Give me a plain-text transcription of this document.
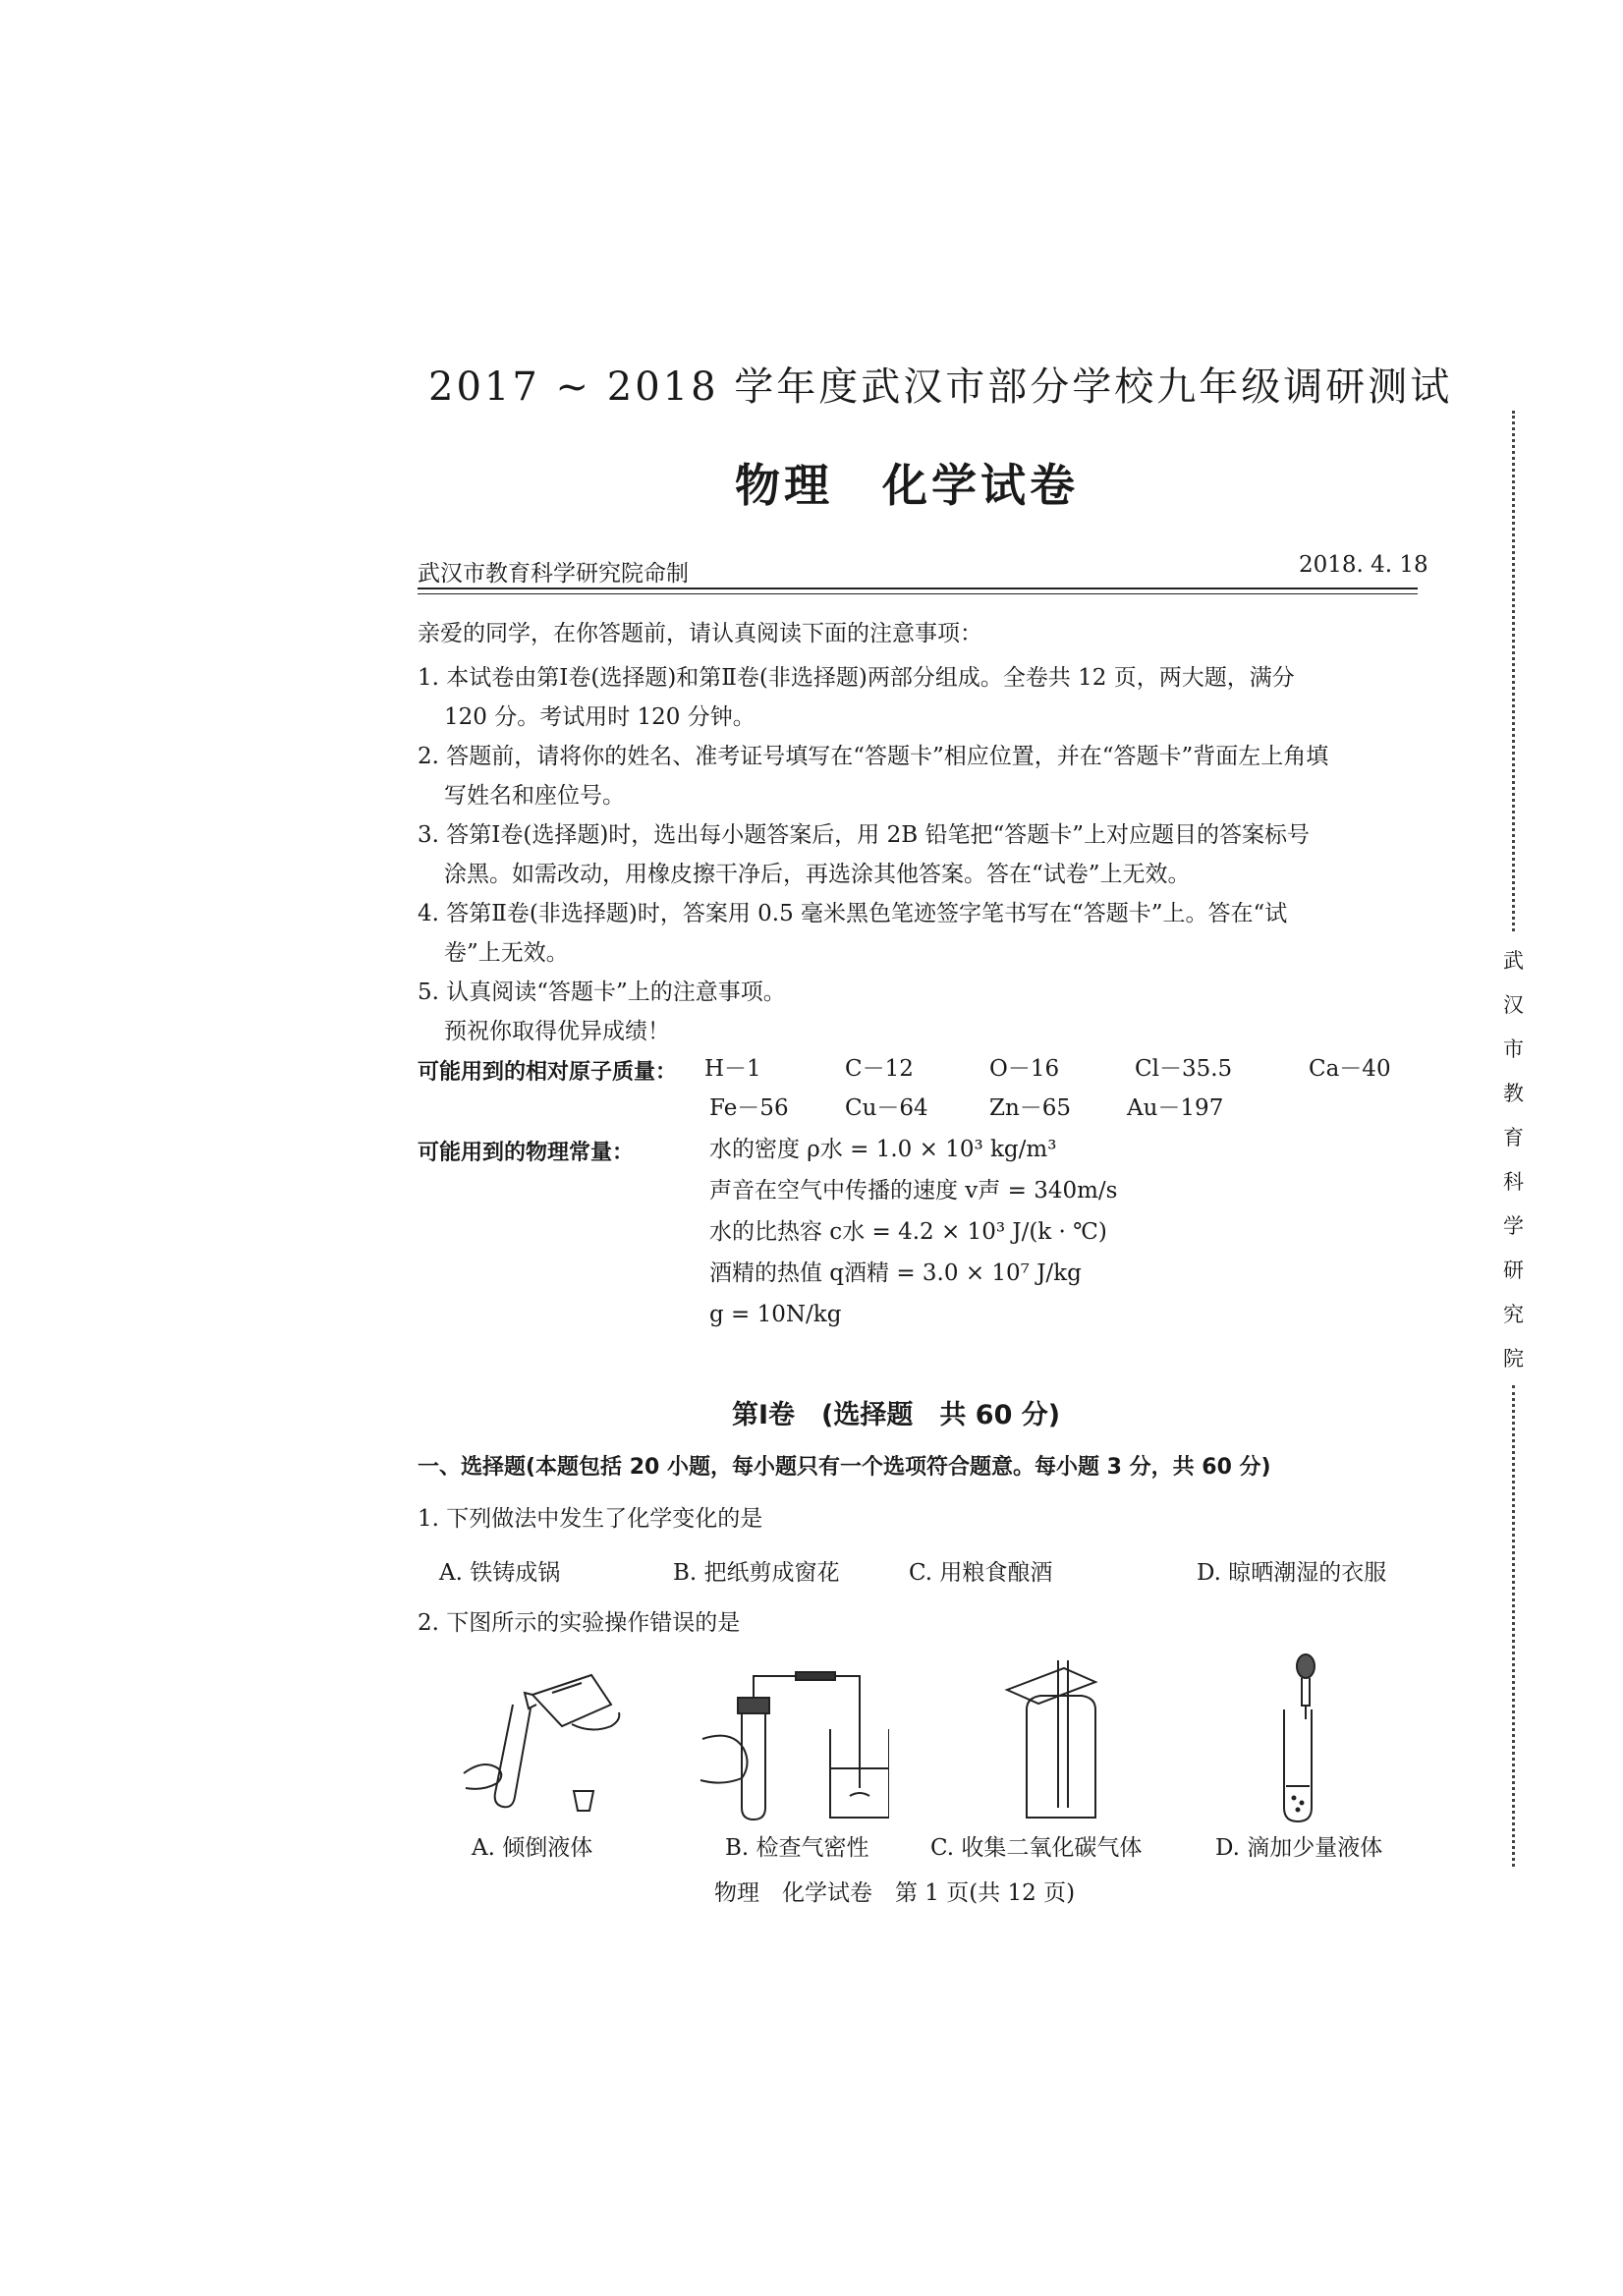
2017 ~ 2018 学年度武汉市部分学校九年级调研测试
物理　化学试卷
武汉市教育科学研究院命制	2018. 4. 18
亲爱的同学，在你答题前，请认真阅读下面的注意事项：
1. 本试卷由第Ⅰ卷(选择题)和第Ⅱ卷(非选择题)两部分组成。全卷共 12 页，两大题，满分
120 分。考试用时 120 分钟。
2. 答题前，请将你的姓名、准考证号填写在“答题卡”相应位置，并在“答题卡”背面左上角填
写姓名和座位号。
3. 答第Ⅰ卷(选择题)时，选出每小题答案后，用 2B 铅笔把“答题卡”上对应题目的答案标号
涂黑。如需改动，用橡皮擦干净后，再选涂其他答案。答在“试卷”上无效。
4. 答第Ⅱ卷(非选择题)时，答案用 0.5 毫米黑色笔迹签字笔书写在“答题卡”上。答在“试
卷”上无效。
5. 认真阅读“答题卡”上的注意事项。
预祝你取得优异成绩！
可能用到的相对原子质量： H－1	C－12	O－16	Cl－35.5	Ca－40
Fe－56 Cu－64	Zn－65 Au－197
可能用到的物理常量：	水的密度 ρ水 = 1.0 × 10³ kg/m³
声音在空气中传播的速度 v声 = 340m/s
水的比热容 c水 = 4.2 × 10³ J/(k · ℃)
酒精的热值 q酒精 = 3.0 × 10⁷ J/kg
g = 10N/kg
第Ⅰ卷　(选择题　共 60 分)
一、选择题(本题包括 20 小题，每小题只有一个选项符合题意。每小题 3 分，共 60 分)
1. 下列做法中发生了化学变化的是
A. 铁铸成锅	B. 把纸剪成窗花	C. 用粮食酿酒	D. 晾晒潮湿的衣服
2. 下图所示的实验操作错误的是
A. 倾倒液体	B. 检查气密性	C. 收集二氧化碳气体	D. 滴加少量液体
物理　化学试卷　第 1 页(共 12 页)
武
汉
市
教
育
科
学
研
究
院
